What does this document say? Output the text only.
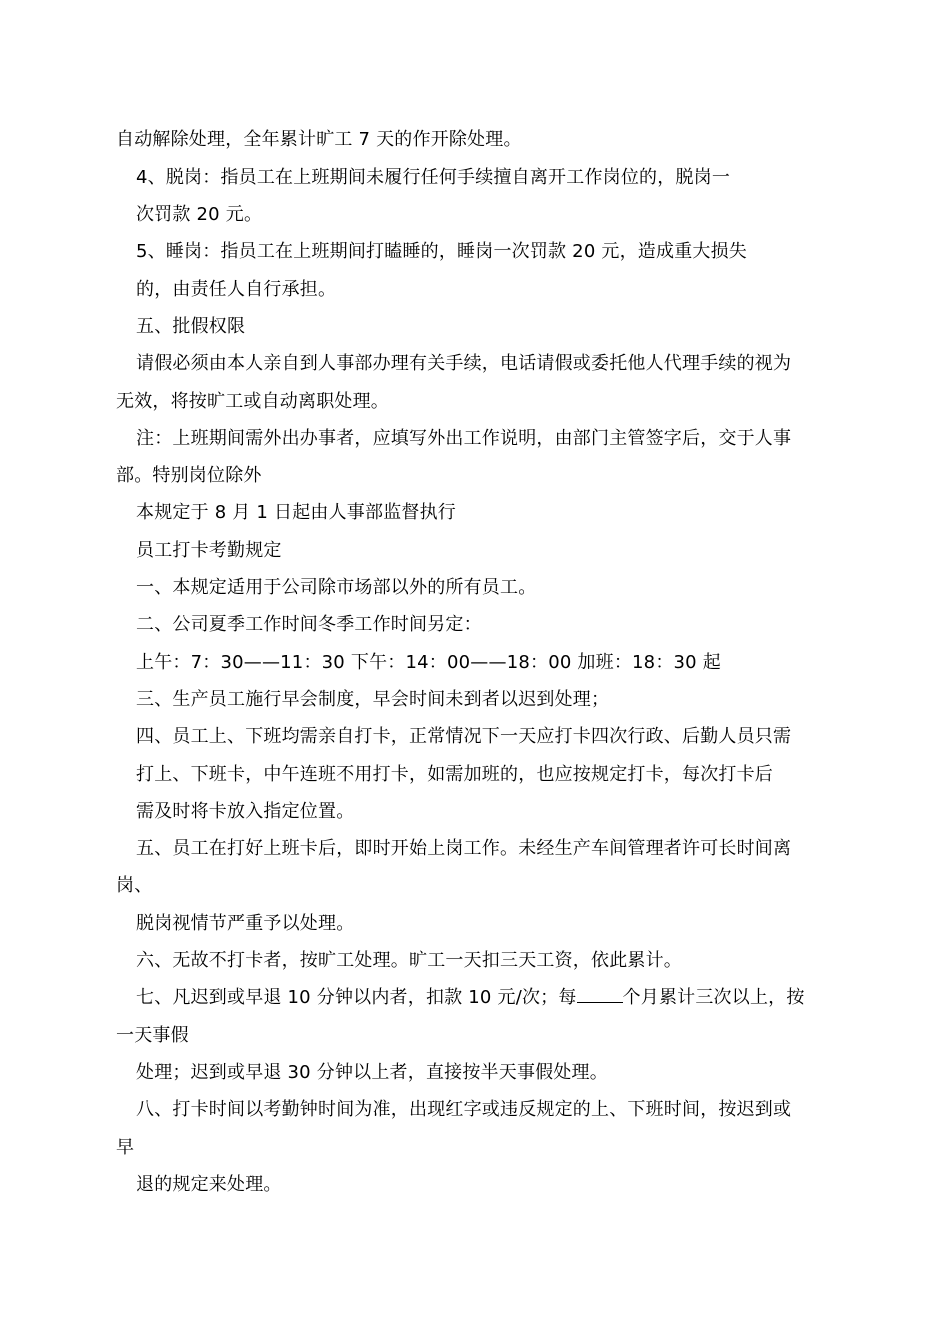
自动解除处理，全年累计旷工 7 天的作开除处理。
4、脱岗：指员工在上班期间未履行任何手续擅自离开工作岗位的，脱岗一
次罚款 20 元。
5、睡岗：指员工在上班期间打瞌睡的，睡岗一次罚款 20 元，造成重大损失
的，由责任人自行承担。
五、批假权限
请假必须由本人亲自到人事部办理有关手续，电话请假或委托他人代理手续的视为
无效，将按旷工或自动离职处理。
注：上班期间需外出办事者，应填写外出工作说明，由部门主管签字后，交于人事
部。特别岗位除外
本规定于 8 月 1 日起由人事部监督执行
员工打卡考勤规定
一、本规定适用于公司除市场部以外的所有员工。
二、公司夏季工作时间冬季工作时间另定：
上午：7：30——11：30 下午：14：00——18：00 加班：18：30 起
三、生产员工施行早会制度，早会时间未到者以迟到处理；
四、员工上、下班均需亲自打卡，正常情况下一天应打卡四次行政、后勤人员只需
打上、下班卡，中午连班不用打卡，如需加班的，也应按规定打卡，每次打卡后
需及时将卡放入指定位置。
五、员工在打好上班卡后，即时开始上岗工作。未经生产车间管理者许可长时间离
岗、
脱岗视情节严重予以处理。
六、无故不打卡者，按旷工处理。旷工一天扣三天工资，依此累计。
七、凡迟到或早退 10 分钟以内者，扣款 10 元/次；每	个月累计三次以上，按
一天事假
处理；迟到或早退 30 分钟以上者，直接按半天事假处理。
八、打卡时间以考勤钟时间为准，出现红字或违反规定的上、下班时间，按迟到或
早
退的规定来处理。
